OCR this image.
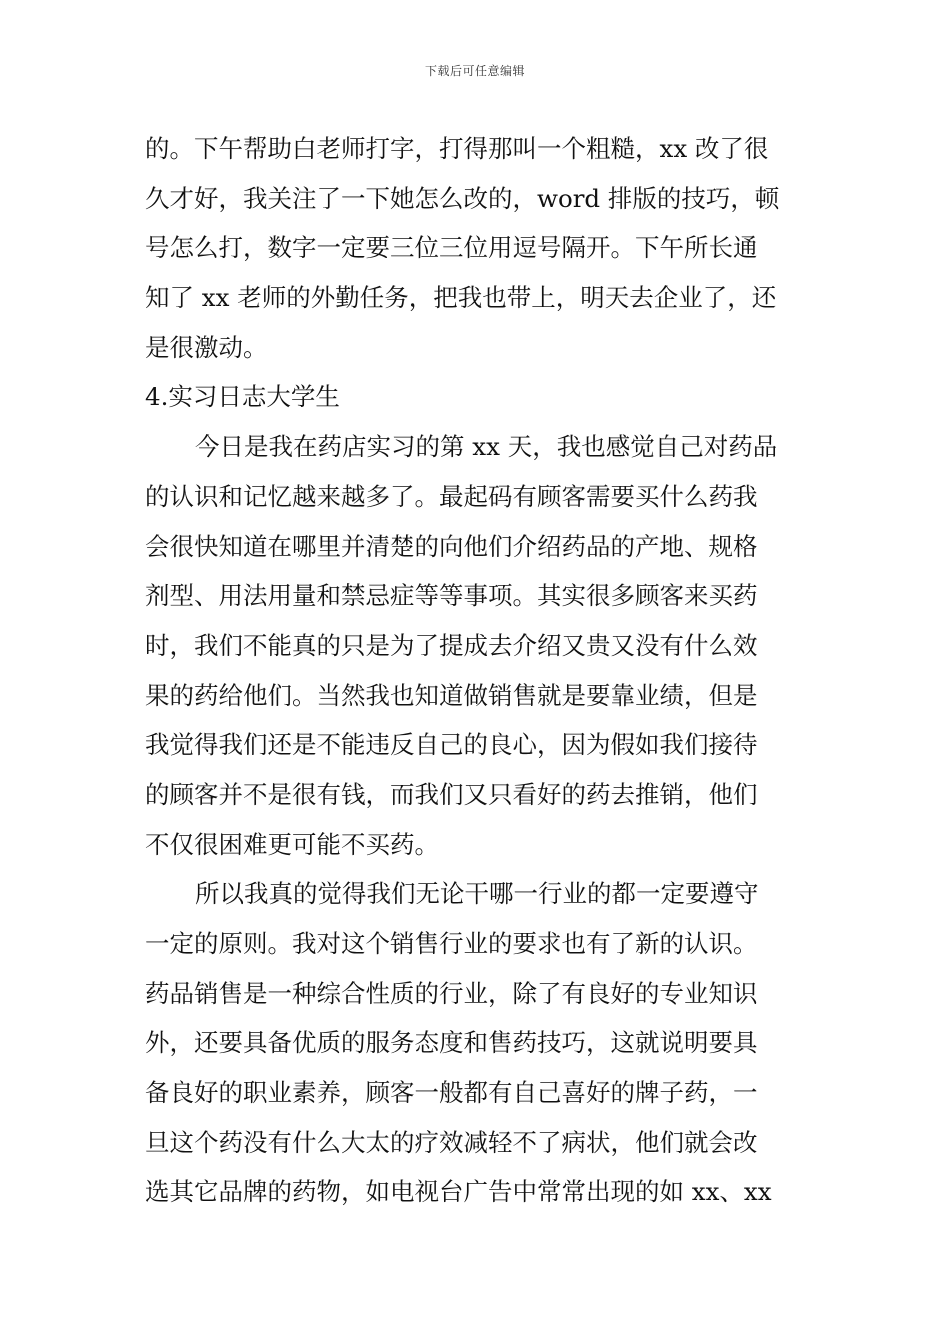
下载后可任意编辑
的。下午帮助白老师打字，打得那叫一个粗糙，xx 改了很
久才好，我关注了一下她怎么改的，word 排版的技巧，顿
号怎么打，数字一定要三位三位用逗号隔开。下午所长通
知了 xx 老师的外勤任务，把我也带上，明天去企业了，还
是很激动。
4.实习日志大学生
今日是我在药店实习的第 xx 天，我也感觉自己对药品
的认识和记忆越来越多了。最起码有顾客需要买什么药我
会很快知道在哪里并清楚的向他们介绍药品的产地、规格
剂型、用法用量和禁忌症等等事项。其实很多顾客来买药
时，我们不能真的只是为了提成去介绍又贵又没有什么效
果的药给他们。当然我也知道做销售就是要靠业绩，但是
我觉得我们还是不能违反自己的良心，因为假如我们接待
的顾客并不是很有钱，而我们又只看好的药去推销，他们
不仅很困难更可能不买药。
所以我真的觉得我们无论干哪一行业的都一定要遵守
一定的原则。我对这个销售行业的要求也有了新的认识。
药品销售是一种综合性质的行业，除了有良好的专业知识
外，还要具备优质的服务态度和售药技巧，这就说明要具
备良好的职业素养，顾客一般都有自己喜好的牌子药，一
旦这个药没有什么大太的疗效减轻不了病状，他们就会改
选其它品牌的药物，如电视台广告中常常出现的如 xx、xx
